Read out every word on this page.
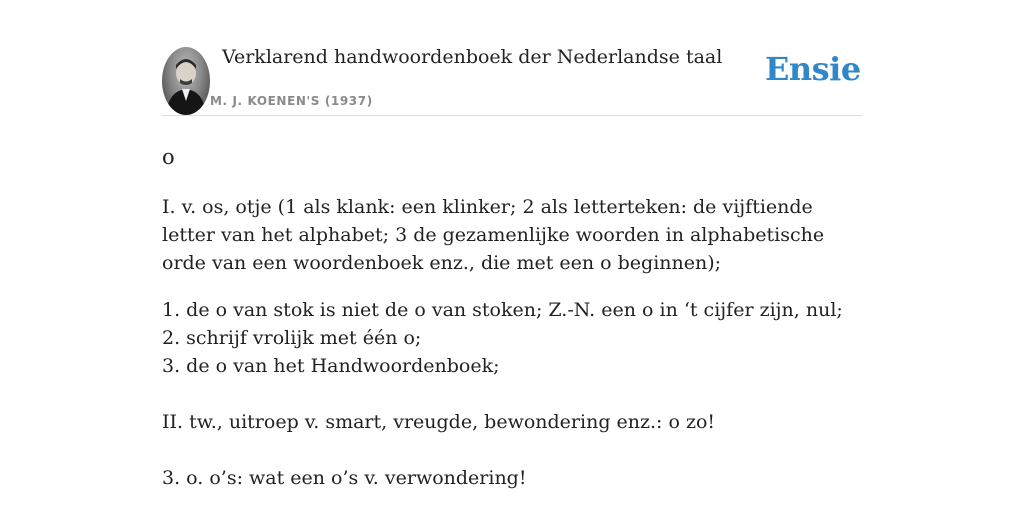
Verklarend handwoordenboek der Nederlandse taal
M. J. KOENEN'S (1937)
Ensie
o

I. v. os, otje (1 als klank: een klinker; 2 als letterteken: de vijftiende letter van het alphabet; 3 de gezamenlijke woorden in alphabetische orde van een woordenboek enz., die met een o beginnen);

1. de o van stok is niet de o van stoken; Z.-N. een o in ‘t cijfer zijn, nul;
2. schrijf vrolijk met één o;
3. de o van het Handwoordenboek;
II. tw., uitroep v. smart, vreugde, bewondering enz.: o zo!
3. o. o’s: wat een o’s v. verwondering!
